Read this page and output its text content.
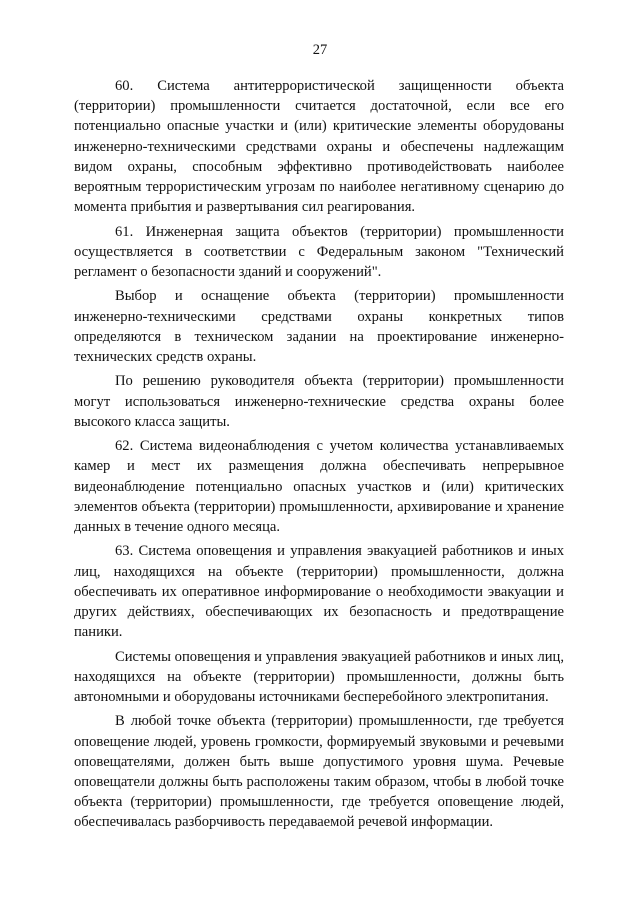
27

60. Система антитеррористической защищенности объекта (территории) промышленности считается достаточной, если все его потенциально опасные участки и (или) критические элементы оборудованы инженерно-техническими средствами охраны и обеспечены надлежащим видом охраны, способным эффективно противодействовать наиболее вероятным террористическим угрозам по наиболее негативному сценарию до момента прибытия и развертывания сил реагирования.

61. Инженерная защита объектов (территории) промышленности осуществляется в соответствии с Федеральным законом "Технический регламент о безопасности зданий и сооружений".

Выбор и оснащение объекта (территории) промышленности инженерно-техническими средствами охраны конкретных типов определяются в техническом задании на проектирование инженерно-технических средств охраны.

По решению руководителя объекта (территории) промышленности могут использоваться инженерно-технические средства охраны более высокого класса защиты.

62. Система видеонаблюдения с учетом количества устанавливаемых камер и мест их размещения должна обеспечивать непрерывное видеонаблюдение потенциально опасных участков и (или) критических элементов объекта (территории) промышленности, архивирование и хранение данных в течение одного месяца.

63. Система оповещения и управления эвакуацией работников и иных лиц, находящихся на объекте (территории) промышленности, должна обеспечивать их оперативное информирование о необходимости эвакуации и других действиях, обеспечивающих их безопасность и предотвращение паники.

Системы оповещения и управления эвакуацией работников и иных лиц, находящихся на объекте (территории) промышленности, должны быть автономными и оборудованы источниками бесперебойного электропитания.

В любой точке объекта (территории) промышленности, где требуется оповещение людей, уровень громкости, формируемый звуковыми и речевыми оповещателями, должен быть выше допустимого уровня шума. Речевые оповещатели должны быть расположены таким образом, чтобы в любой точке объекта (территории) промышленности, где требуется оповещение людей, обеспечивалась разборчивость передаваемой речевой информации.
